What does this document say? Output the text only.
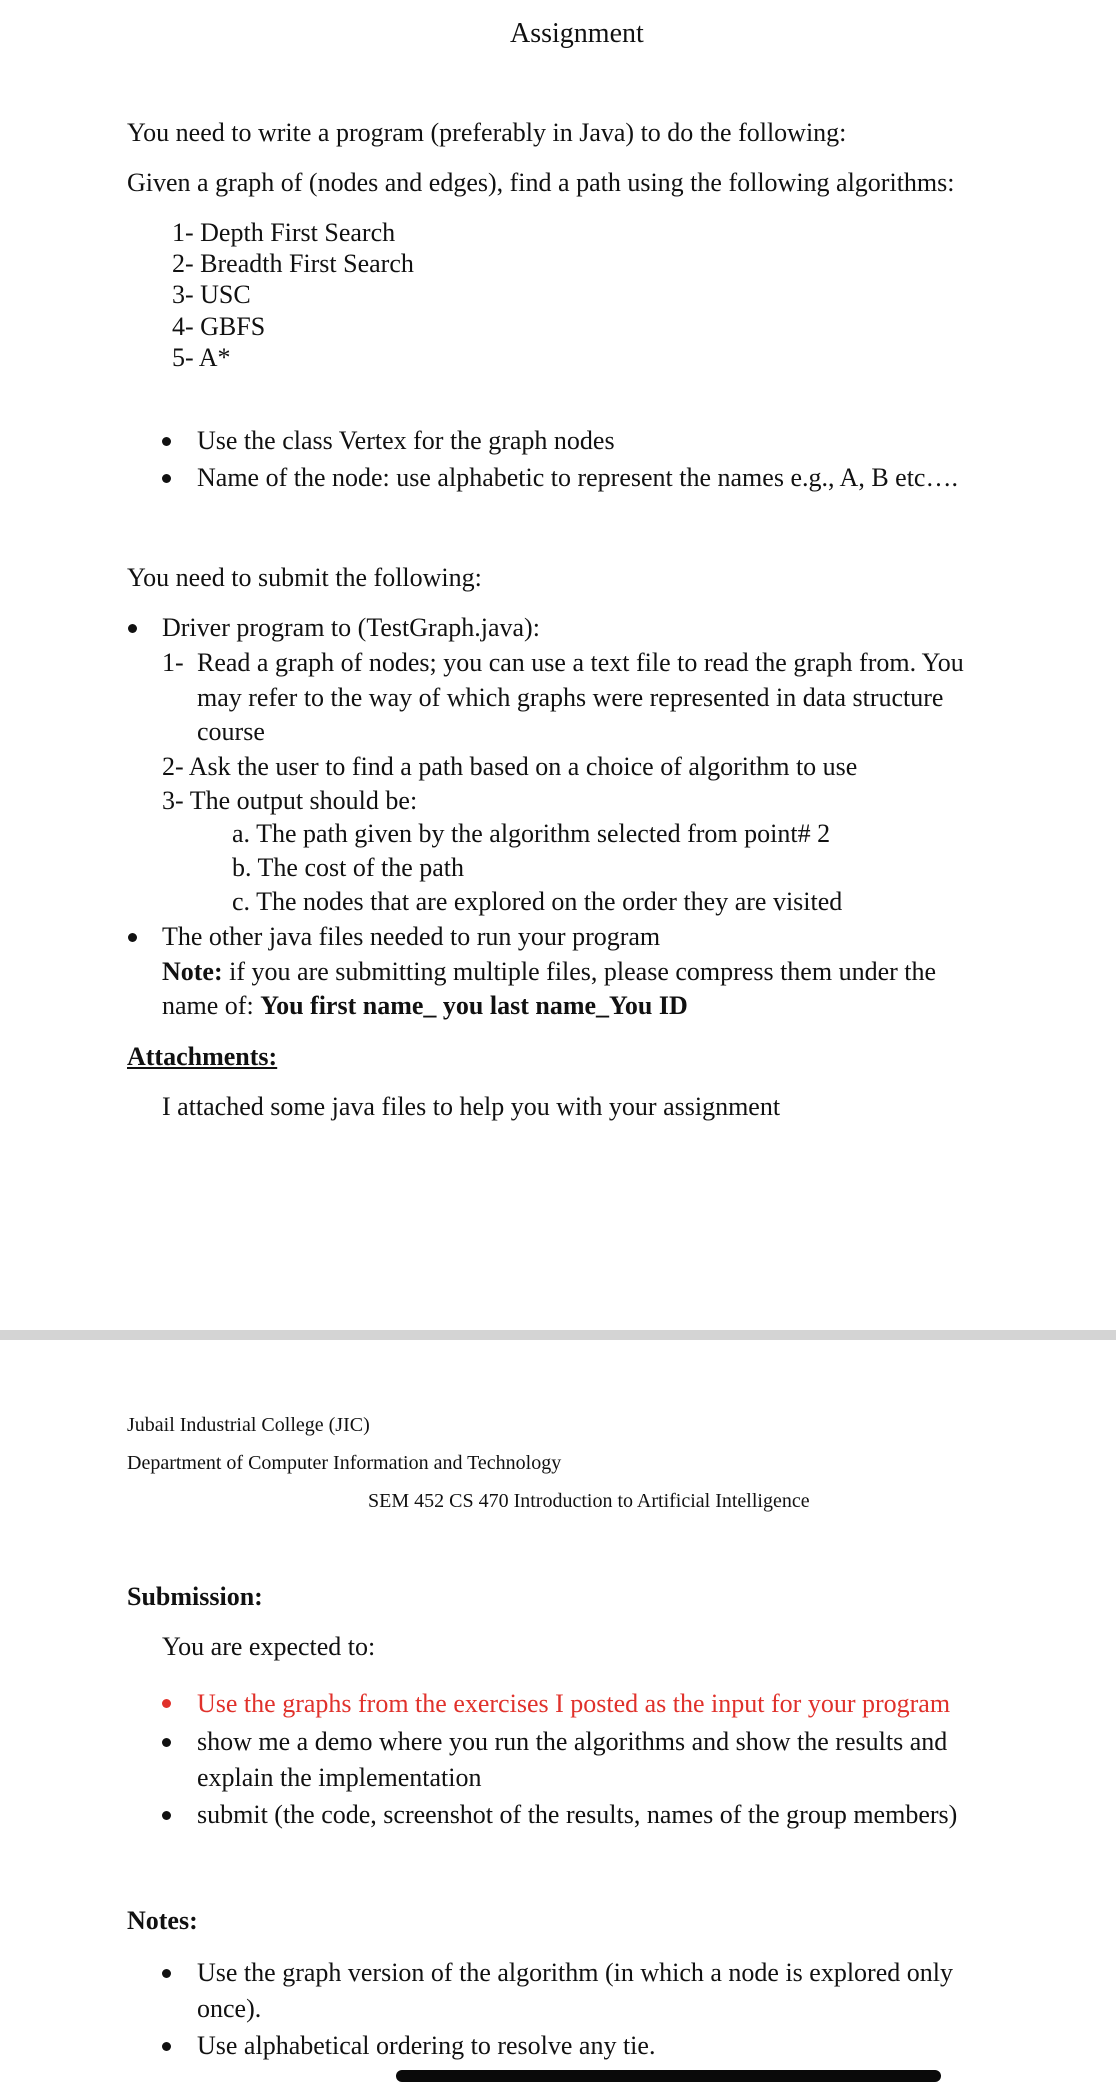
Assignment
You need to write a program (preferably in Java) to do the following:
Given a graph of (nodes and edges), find a path using the following algorithms:
1- Depth First Search
2- Breadth First Search
3- USC
4- GBFS
5- A*
Use the class Vertex for the graph nodes
Name of the node: use alphabetic to represent the names e.g., A, B etc….
You need to submit the following:
Driver program to (TestGraph.java):
1- Read a graph of nodes; you can use a text file to read the graph from. You
may refer to the way of which graphs were represented in data structure
course
2- Ask the user to find a path based on a choice of algorithm to use
3- The output should be:
a. The path given by the algorithm selected from point# 2
b. The cost of the path
c. The nodes that are explored on the order they are visited
The other java files needed to run your program
Note: if you are submitting multiple files, please compress them under the
name of: You first name_ you last name_You ID
Attachments:
I attached some java files to help you with your assignment
Jubail Industrial College (JIC)
Department of Computer Information and Technology
SEM 452 CS 470 Introduction to Artificial Intelligence
Submission:
You are expected to:
Use the graphs from the exercises I posted as the input for your program
show me a demo where you run the algorithms and show the results and
explain the implementation
submit (the code, screenshot of the results, names of the group members)
Notes:
Use the graph version of the algorithm (in which a node is explored only
once).
Use alphabetical ordering to resolve any tie.
